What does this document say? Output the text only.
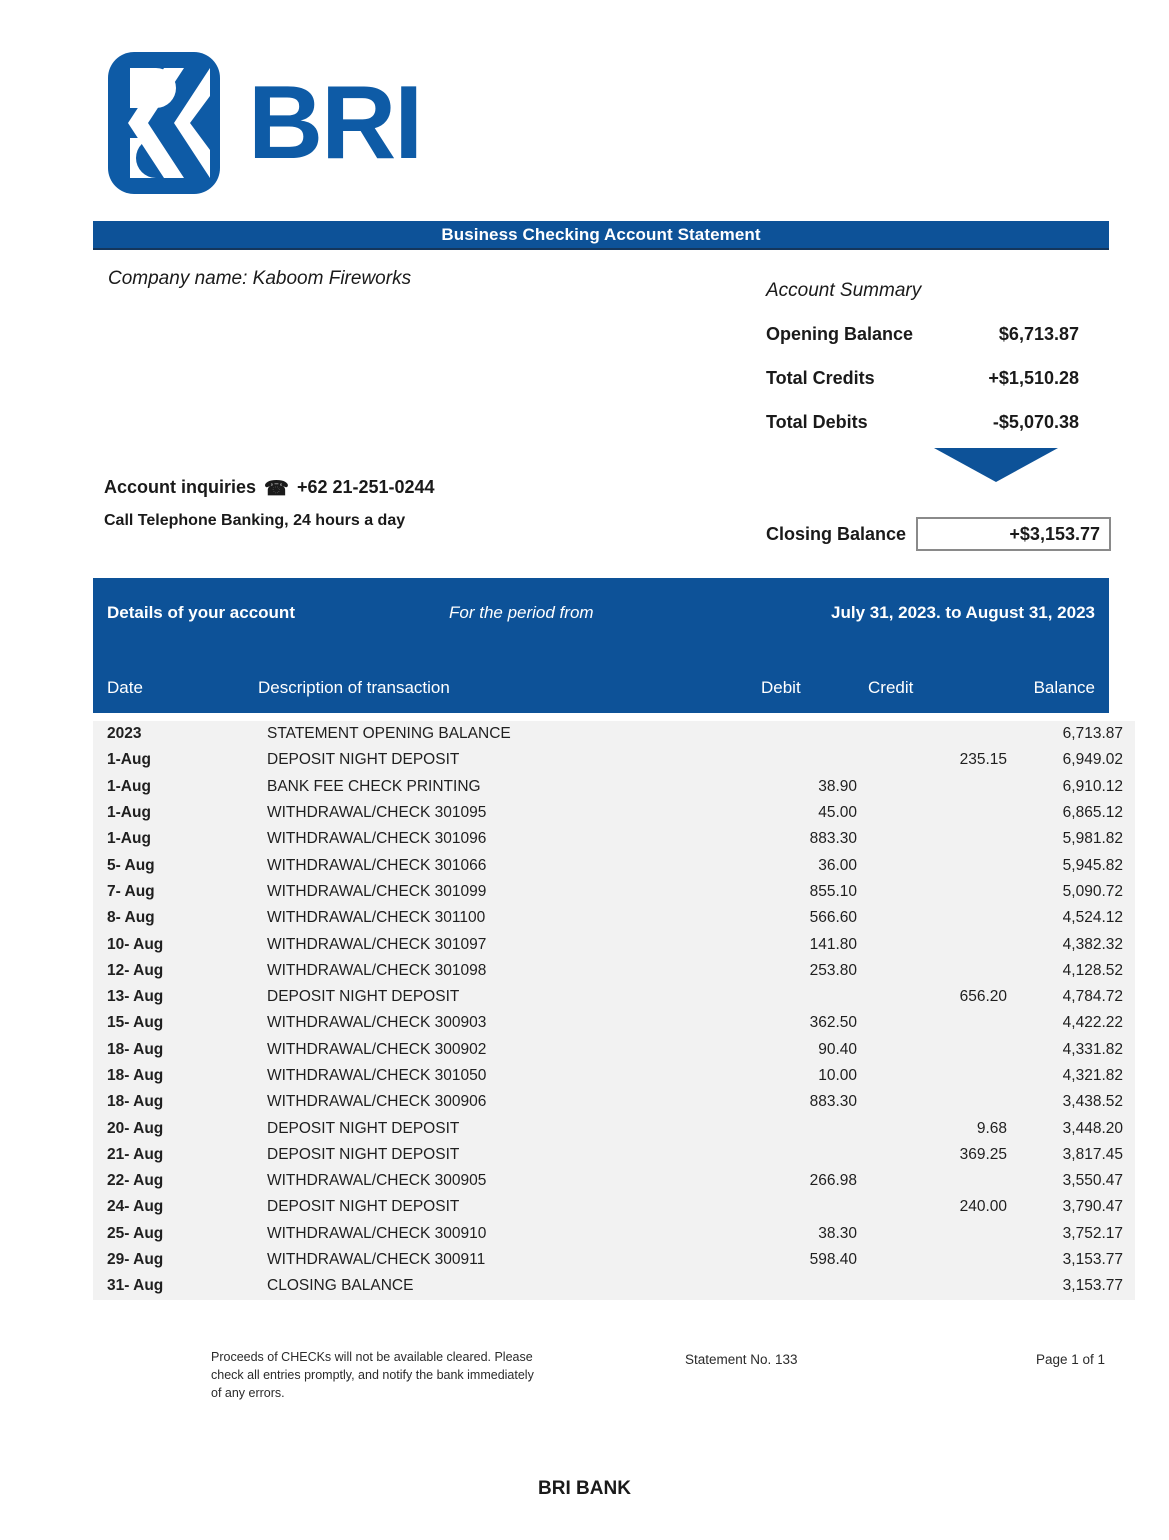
BRI
Business Checking Account Statement
Company name: Kaboom Fireworks
Account Summary
Opening Balance	$6,713.87
Total Credits	+$1,510.28
Total Debits	-$5,070.38
Closing Balance	+$3,153.77
Account inquiries ☎ +62 21-251-0244
Call Telephone Banking, 24 hours a day
Details of your account	For the period from	July 31, 2023. to August 31, 2023
Date	Description of transaction	Debit	Credit	Balance
2023	STATEMENT OPENING BALANCE			6,713.87
1-Aug	DEPOSIT NIGHT DEPOSIT		235.15	6,949.02
1-Aug	BANK FEE CHECK PRINTING	38.90		6,910.12
1-Aug	WITHDRAWAL/CHECK 301095	45.00		6,865.12
1-Aug	WITHDRAWAL/CHECK 301096	883.30		5,981.82
5- Aug	WITHDRAWAL/CHECK 301066	36.00		5,945.82
7- Aug	WITHDRAWAL/CHECK 301099	855.10		5,090.72
8- Aug	WITHDRAWAL/CHECK 301100	566.60		4,524.12
10- Aug	WITHDRAWAL/CHECK 301097	141.80		4,382.32
12- Aug	WITHDRAWAL/CHECK 301098	253.80		4,128.52
13- Aug	DEPOSIT NIGHT DEPOSIT		656.20	4,784.72
15- Aug	WITHDRAWAL/CHECK 300903	362.50		4,422.22
18- Aug	WITHDRAWAL/CHECK 300902	90.40		4,331.82
18- Aug	WITHDRAWAL/CHECK 301050	10.00		4,321.82
18- Aug	WITHDRAWAL/CHECK 300906	883.30		3,438.52
20- Aug	DEPOSIT NIGHT DEPOSIT		9.68	3,448.20
21- Aug	DEPOSIT NIGHT DEPOSIT		369.25	3,817.45
22- Aug	WITHDRAWAL/CHECK 300905	266.98		3,550.47
24- Aug	DEPOSIT NIGHT DEPOSIT		240.00	3,790.47
25- Aug	WITHDRAWAL/CHECK 300910	38.30		3,752.17
29- Aug	WITHDRAWAL/CHECK 300911	598.40		3,153.77
31- Aug	CLOSING BALANCE			3,153.77
Proceeds of CHECKs will not be available cleared. Please check all entries promptly, and notify the bank immediately of any errors.
Statement No. 133	Page 1 of 1
BRI BANK
